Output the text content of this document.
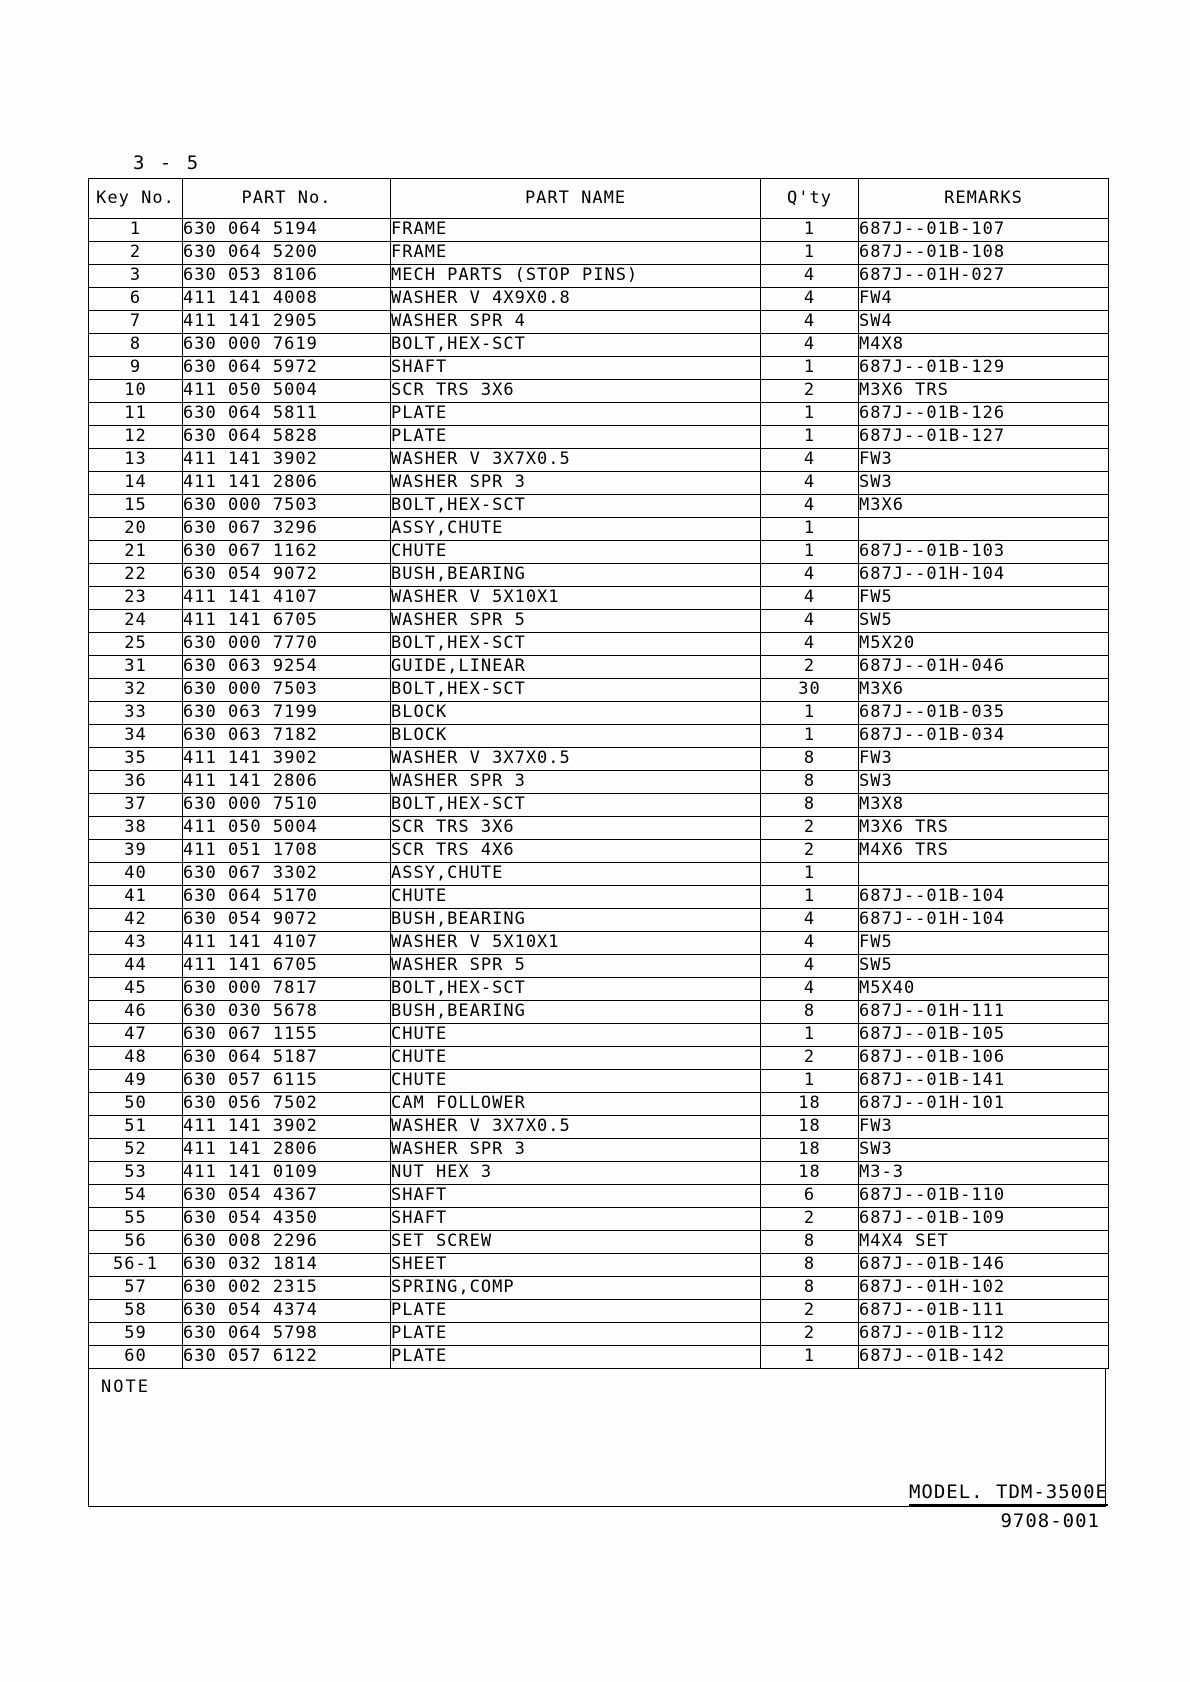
3 - 5
Key No.	PART No.	PART NAME	Q'ty	REMARKS
1	630 064 5194	FRAME	1	687J--01B-107
2	630 064 5200	FRAME	1	687J--01B-108
3	630 053 8106	MECH PARTS (STOP PINS)	4	687J--01H-027
6	411 141 4008	WASHER V 4X9X0.8	4	FW4
7	411 141 2905	WASHER SPR 4	4	SW4
8	630 000 7619	BOLT,HEX-SCT	4	M4X8
9	630 064 5972	SHAFT	1	687J--01B-129
10	411 050 5004	SCR TRS 3X6	2	M3X6 TRS
11	630 064 5811	PLATE	1	687J--01B-126
12	630 064 5828	PLATE	1	687J--01B-127
13	411 141 3902	WASHER V 3X7X0.5	4	FW3
14	411 141 2806	WASHER SPR 3	4	SW3
15	630 000 7503	BOLT,HEX-SCT	4	M3X6
20	630 067 3296	ASSY,CHUTE	1	
21	630 067 1162	CHUTE	1	687J--01B-103
22	630 054 9072	BUSH,BEARING	4	687J--01H-104
23	411 141 4107	WASHER V 5X10X1	4	FW5
24	411 141 6705	WASHER SPR 5	4	SW5
25	630 000 7770	BOLT,HEX-SCT	4	M5X20
31	630 063 9254	GUIDE,LINEAR	2	687J--01H-046
32	630 000 7503	BOLT,HEX-SCT	30	M3X6
33	630 063 7199	BLOCK	1	687J--01B-035
34	630 063 7182	BLOCK	1	687J--01B-034
35	411 141 3902	WASHER V 3X7X0.5	8	FW3
36	411 141 2806	WASHER SPR 3	8	SW3
37	630 000 7510	BOLT,HEX-SCT	8	M3X8
38	411 050 5004	SCR TRS 3X6	2	M3X6 TRS
39	411 051 1708	SCR TRS 4X6	2	M4X6 TRS
40	630 067 3302	ASSY,CHUTE	1	
41	630 064 5170	CHUTE	1	687J--01B-104
42	630 054 9072	BUSH,BEARING	4	687J--01H-104
43	411 141 4107	WASHER V 5X10X1	4	FW5
44	411 141 6705	WASHER SPR 5	4	SW5
45	630 000 7817	BOLT,HEX-SCT	4	M5X40
46	630 030 5678	BUSH,BEARING	8	687J--01H-111
47	630 067 1155	CHUTE	1	687J--01B-105
48	630 064 5187	CHUTE	2	687J--01B-106
49	630 057 6115	CHUTE	1	687J--01B-141
50	630 056 7502	CAM FOLLOWER	18	687J--01H-101
51	411 141 3902	WASHER V 3X7X0.5	18	FW3
52	411 141 2806	WASHER SPR 3	18	SW3
53	411 141 0109	NUT HEX 3	18	M3-3
54	630 054 4367	SHAFT	6	687J--01B-110
55	630 054 4350	SHAFT	2	687J--01B-109
56	630 008 2296	SET SCREW	8	M4X4 SET
56-1	630 032 1814	SHEET	8	687J--01B-146
57	630 002 2315	SPRING,COMP	8	687J--01H-102
58	630 054 4374	PLATE	2	687J--01B-111
59	630 064 5798	PLATE	2	687J--01B-112
60	630 057 6122	PLATE	1	687J--01B-142
NOTE
MODEL. TDM-3500E
9708-001
